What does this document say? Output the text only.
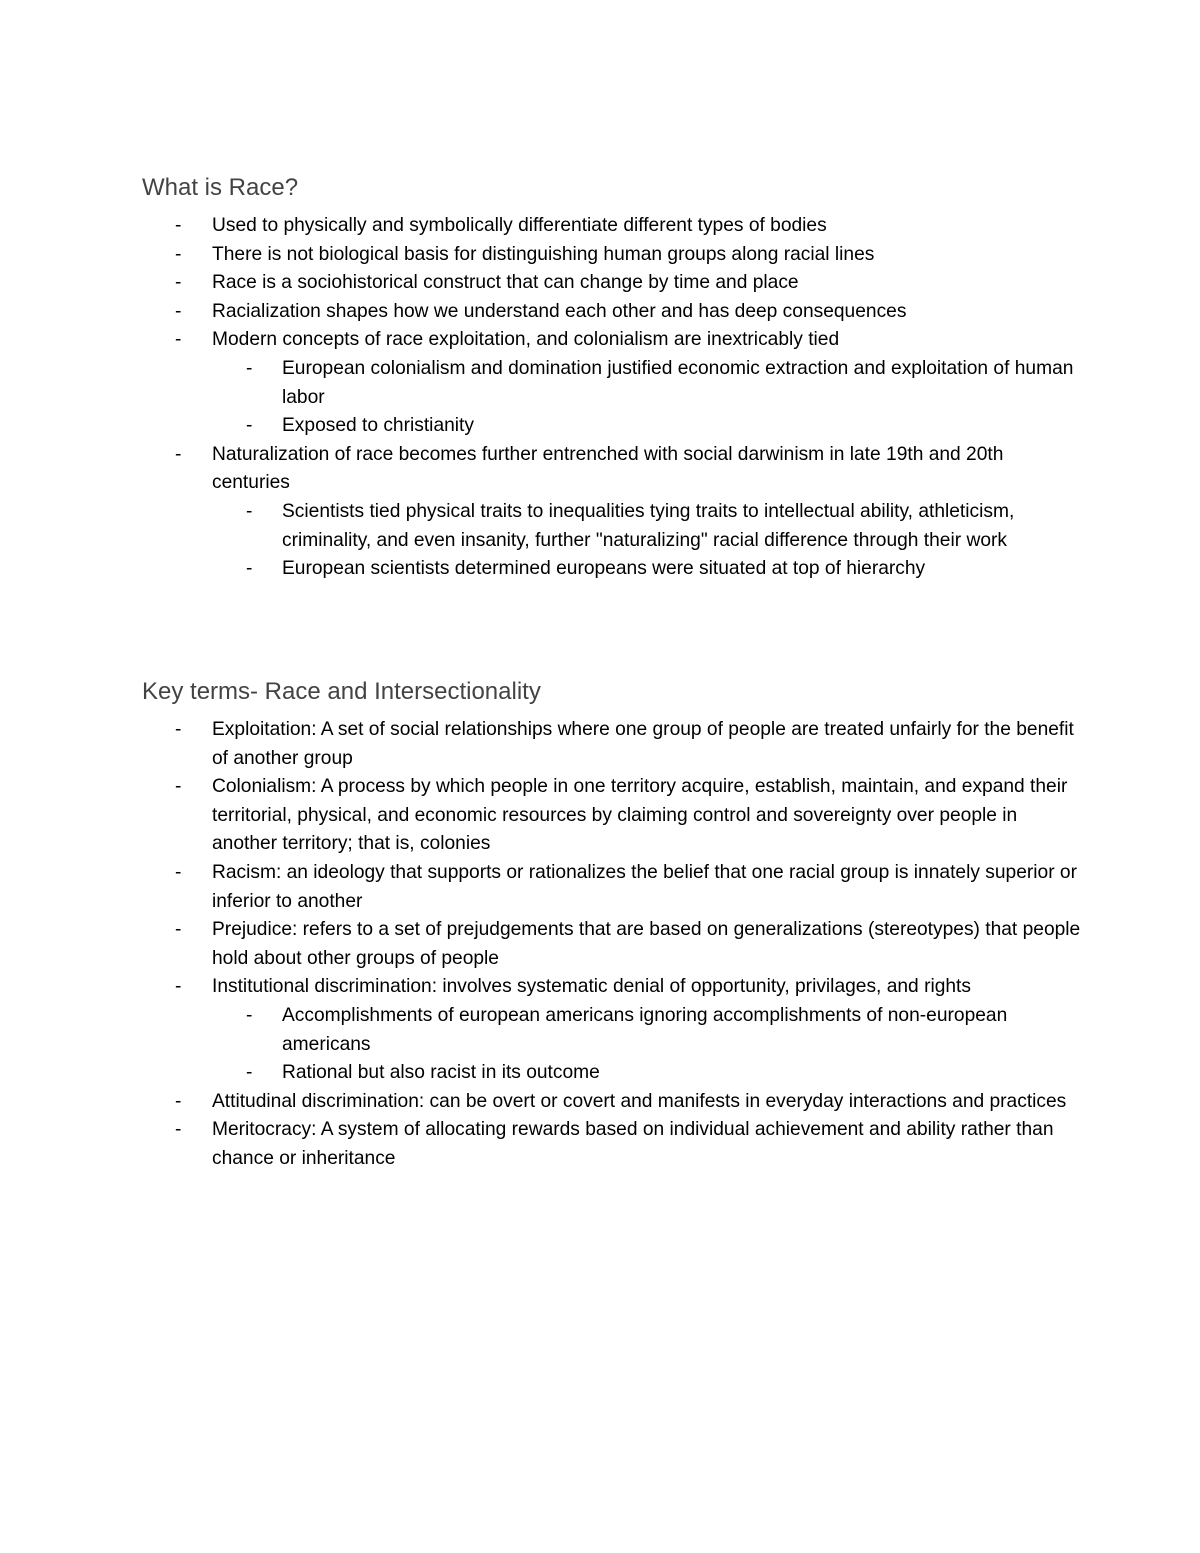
What is Race?
-	Used to physically and symbolically differentiate different types of bodies
-	There is not biological basis for distinguishing human groups along racial lines
-	Race is a sociohistorical construct that can change by time and place
-	Racialization shapes how we understand each other and has deep consequences
-	Modern concepts of race exploitation, and colonialism are inextricably tied
-	European colonialism and domination justified economic extraction and exploitation of human labor
-	Exposed to christianity
-	Naturalization of race becomes further entrenched with social darwinism in late 19th and 20th centuries
-	Scientists tied physical traits to inequalities tying traits to intellectual ability, athleticism, criminality, and even insanity, further "naturalizing" racial difference through their work
-	European scientists determined europeans were situated at top of hierarchy
Key terms- Race and Intersectionality
-	Exploitation: A set of social relationships where one group of people are treated unfairly for the benefit of another group
-	Colonialism: A process by which people in one territory acquire, establish, maintain, and expand their territorial, physical, and economic resources by claiming control and sovereignty over people in another territory; that is, colonies
-	Racism: an ideology that supports or rationalizes the belief that one racial group is innately superior or inferior to another
-	Prejudice: refers to a set of prejudgements that are based on generalizations (stereotypes) that people hold about other groups of people
-	Institutional discrimination: involves systematic denial of opportunity, privilages, and rights
-	Accomplishments of european americans ignoring accomplishments of non-european americans
-	Rational but also racist in its outcome
-	Attitudinal discrimination: can be overt or covert and manifests in everyday interactions and practices
-	Meritocracy: A system of allocating rewards based on individual achievement and ability rather than chance or inheritance
